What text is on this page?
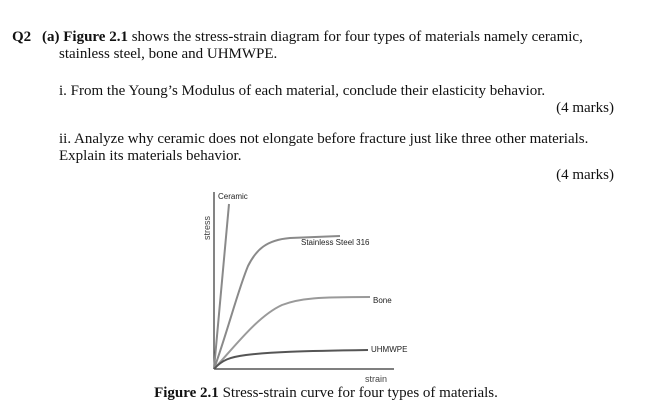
Q2 (a) Figure 2.1 shows the stress-strain diagram for four types of materials namely ceramic,
stainless steel, bone and UHMWPE.
i. From the Young’s Modulus of each material, conclude their elasticity behavior.
(4 marks)
ii. Analyze why ceramic does not elongate before fracture just like three other materials.
Explain its materials behavior.
(4 marks)
Ceramic
Stainless Steel 316
Bone
UHMWPE
stress
strain
Figure 2.1 Stress-strain curve for four types of materials.
